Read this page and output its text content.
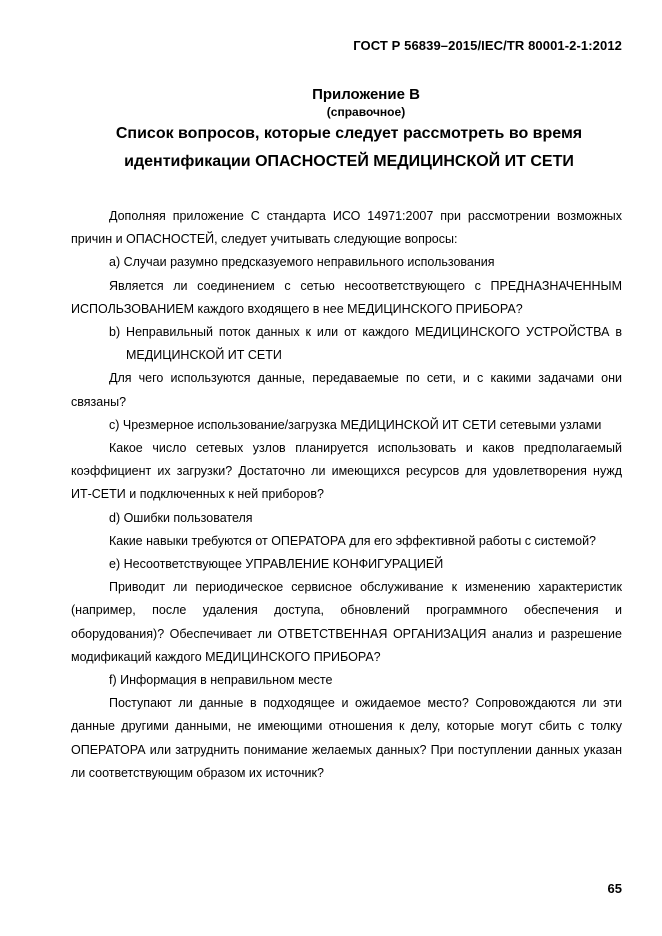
ГОСТ Р 56839–2015/IEC/TR 80001-2-1:2012
Приложение В
(справочное)
Список вопросов, которые следует рассмотреть во время
идентификации ОПАСНОСТЕЙ МЕДИЦИНСКОЙ ИТ СЕТИ

Дополняя приложение С стандарта ИСО 14971:2007 при рассмотрении возможных причин и ОПАСНОСТЕЙ, следует учитывать следующие вопросы:

a) Случаи разумно предсказуемого неправильного использования

Является ли соединением с сетью несоответствующего с ПРЕДНАЗНАЧЕННЫМ ИСПОЛЬЗОВАНИЕМ каждого входящего в нее МЕДИЦИНСКОГО ПРИБОРА?

b) Неправильный поток данных к или от каждого МЕДИЦИНСКОГО УСТРОЙСТВА в МЕДИЦИНСКОЙ ИТ СЕТИ

Для чего используются данные, передаваемые по сети, и с какими задачами они связаны?

c) Чрезмерное использование/загрузка МЕДИЦИНСКОЙ ИТ СЕТИ сетевыми узлами

Какое число сетевых узлов планируется использовать и каков предполагаемый коэффициент их загрузки? Достаточно ли имеющихся ресурсов для удовлетворения нужд ИТ-СЕТИ и подключенных к ней приборов?

d) Ошибки пользователя

Какие навыки требуются от ОПЕРАТОРА для его эффективной работы с системой?

e) Несоответствующее УПРАВЛЕНИЕ КОНФИГУРАЦИЕЙ

Приводит ли периодическое сервисное обслуживание к изменению характеристик (например, после удаления доступа, обновлений программного обеспечения и оборудования)? Обеспечивает ли ОТВЕТСТВЕННАЯ ОРГАНИЗАЦИЯ анализ и разрешение модификаций каждого МЕДИЦИНСКОГО ПРИБОРА?

f) Информация в неправильном месте

Поступают ли данные в подходящее и ожидаемое место? Сопровождаются ли эти данные другими данными, не имеющими отношения к делу, которые могут сбить с толку ОПЕРАТОРА или затруднить понимание желаемых данных? При поступлении данных указан ли соответствующим образом их источник?

65
